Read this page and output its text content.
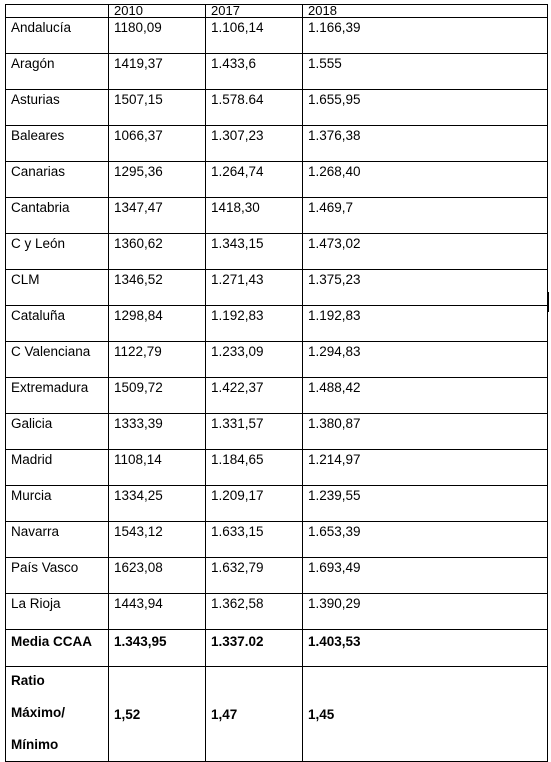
	2010	2017	2018
Andalucía	1180,09	1.106,14	1.166,39
Aragón	1419,37	1.433,6	1.555
Asturias	1507,15	1.578.64	1.655,95
Baleares	1066,37	1.307,23	1.376,38
Canarias	1295,36	1.264,74	1.268,40
Cantabria	1347,47	1418,30	1.469,7
C y León	1360,62	1.343,15	1.473,02
CLM	1346,52	1.271,43	1.375,23
Cataluña	1298,84	1.192,83	1.192,83
C Valenciana	1122,79	1.233,09	1.294,83
Extremadura	1509,72	1.422,37	1.488,42
Galicia	1333,39	1.331,57	1.380,87
Madrid	1108,14	1.184,65	1.214,97
Murcia	1334,25	1.209,17	1.239,55
Navarra	1543,12	1.633,15	1.653,39
País Vasco	1623,08	1.632,79	1.693,49
La Rioja	1443,94	1.362,58	1.390,29
Media CCAA	1.343,95	1.337.02	1.403,53

Ratio
Máximo/
Mínimo	1,52	1,47	1,45
